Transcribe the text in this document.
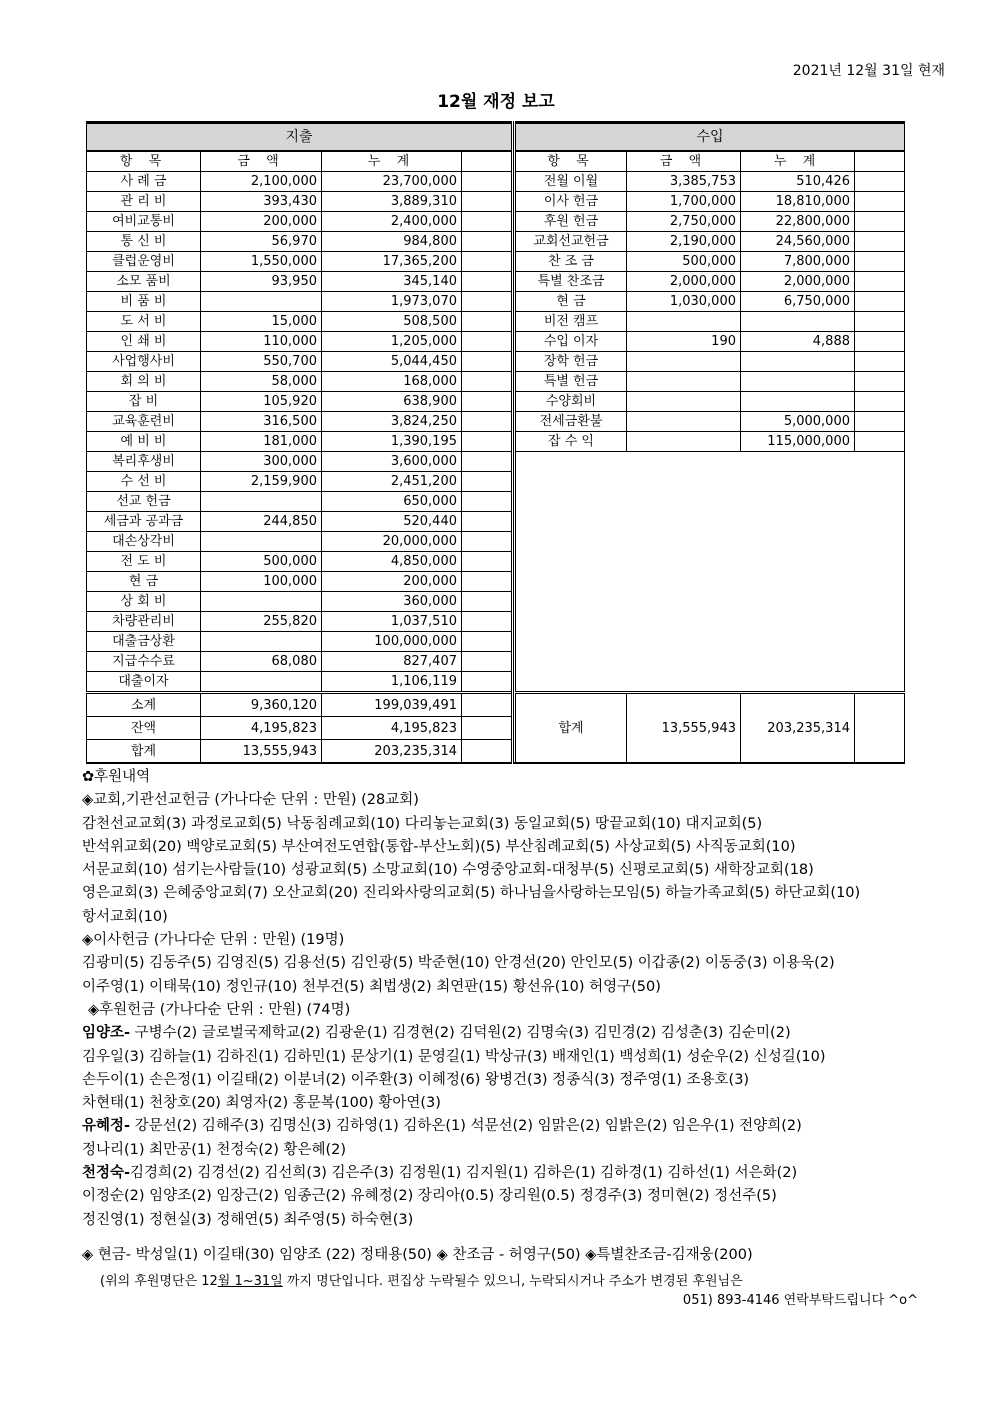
2021년 12월 31일 현재
12월 재정 보고
지출					수입			
항 목	금 액	누 계			항 목	금 액	누 계	
사 례 금	2,100,000	23,700,000			전월 이월	3,385,753	510,426	
관 리 비	393,430	3,889,310			이사 헌금	1,700,000	18,810,000	
여비교통비	200,000	2,400,000			후원 헌금	2,750,000	22,800,000	
통 신 비	56,970	984,800			교회선교헌금	2,190,000	24,560,000	
클럽운영비	1,550,000	17,365,200			찬 조 금	500,000	7,800,000	
소모 품비	93,950	345,140			특별 찬조금	2,000,000	2,000,000	
비 품 비		1,973,070			현 금	1,030,000	6,750,000	
도 서 비	15,000	508,500			비전 캠프			
인 쇄 비	110,000	1,205,000			수입 이자	190	4,888	
사업행사비	550,700	5,044,450			장학 헌금			
회 의 비	58,000	168,000			특별 헌금			
잡 비	105,920	638,900			수양회비			
교육훈련비	316,500	3,824,250			전세금환불		5,000,000	
예 비 비	181,000	1,390,195			잡 수 익		115,000,000	
복리후생비	300,000	3,600,000						
수 선 비	2,159,900	2,451,200						
선교 헌금		650,000						
세금과 공과금	244,850	520,440						
대손상각비		20,000,000						
전 도 비	500,000	4,850,000						
현 금	100,000	200,000						
상 회 비		360,000						
차량관리비	255,820	1,037,510						
대출금상환		100,000,000						
지급수수료	68,080	827,407						
대출이자		1,106,119						
소계	9,360,120	199,039,491			합계	13,555,943	203,235,314	
잔액	4,195,823	4,195,823						
합계	13,555,943	203,235,314						

✿후원내역

◈교회,기관선교헌금 (가나다순 단위 : 만원) (28교회)

감천선교교회(3) 과정로교회(5) 낙동침례교회(10) 다리놓는교회(3) 동일교회(5) 땅끝교회(10) 대지교회(5)

반석위교회(20) 백양로교회(5) 부산여전도연합(통합-부산노회)(5) 부산침례교회(5) 사상교회(5) 사직동교회(10)

서문교회(10) 섬기는사람들(10) 성광교회(5) 소망교회(10) 수영중앙교회-대청부(5) 신평로교회(5) 새학장교회(18)

영은교회(3) 은혜중앙교회(7) 오산교회(20) 진리와사랑의교회(5) 하나님을사랑하는모임(5) 하늘가족교회(5) 하단교회(10)

항서교회(10)

◈이사헌금 (가나다순 단위 : 만원) (19명)

김광미(5) 김동주(5) 김영진(5) 김용선(5) 김인광(5) 박준현(10) 안경선(20) 안인모(5) 이갑종(2) 이동중(3) 이용욱(2)

이주영(1) 이태묵(10) 정인규(10) 천부건(5) 최법생(2) 최연판(15) 황선유(10) 허영구(50)

◈후원헌금 (가나다순 단위 : 만원) (74명)

임양조- 구병수(2) 글로벌국제학교(2) 김광운(1) 김경현(2) 김덕원(2) 김명숙(3) 김민경(2) 김성춘(3) 김순미(2)

김우일(3) 김하늘(1) 김하진(1) 김하민(1) 문상기(1) 문영길(1) 박상규(3) 배재인(1) 백성희(1) 성순우(2) 신성길(10)

손두이(1) 손은정(1) 이길태(2) 이분녀(2) 이주환(3) 이혜정(6) 왕병건(3) 정종식(3) 정주영(1) 조용호(3)

차현태(1) 천창호(20) 최영자(2) 홍문복(100) 황아연(3)

유혜정- 강문선(2) 김해주(3) 김명신(3) 김하영(1) 김하온(1) 석문선(2) 임맑은(2) 임밝은(2) 임은우(1) 전양희(2)

정나리(1) 최만공(1) 천정숙(2) 황은혜(2)

천정숙-김경희(2) 김경선(2) 김선희(3) 김은주(3) 김정원(1) 김지원(1) 김하은(1) 김하경(1) 김하선(1) 서은화(2)

이정순(2) 임양조(2) 임장근(2) 임종근(2) 유혜정(2) 장리아(0.5) 장리원(0.5) 정경주(3) 정미현(2) 정선주(5)

정진영(1) 정현실(3) 정해연(5) 최주영(5) 하숙현(3)

◈ 현금- 박성일(1) 이길태(30) 임양조 (22) 정태용(50) ◈ 찬조금 - 허영구(50) ◈특별찬조금-김재웅(200)

(위의 후원명단은 12월 1~31일 까지 명단입니다. 편집상 누락될수 있으니, 누락되시거나 주소가 변경된 후원님은
051) 893-4146 연락부탁드립니다 ^o^
